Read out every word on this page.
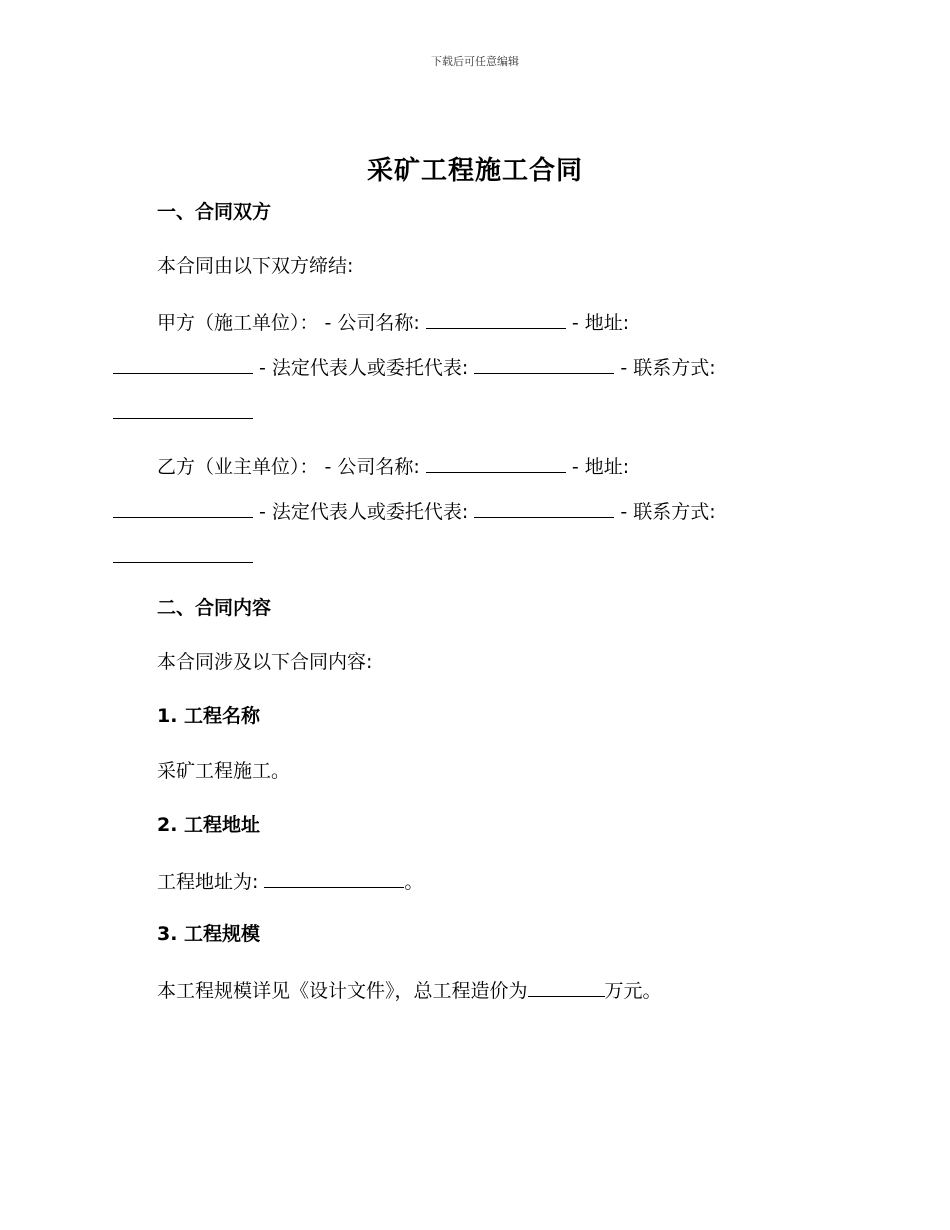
下载后可任意编辑
采矿工程施工合同
一、合同双方
本合同由以下双方缔结:
甲方（施工单位）： - 公司名称:	- 地址:
- 法定代表人或委托代表:	- 联系方式:
乙方（业主单位）： - 公司名称:	- 地址:
- 法定代表人或委托代表:	- 联系方式:
二、合同内容
本合同涉及以下合同内容:
1. 工程名称
采矿工程施工。
2. 工程地址
工程地址为:	。
3. 工程规模
本工程规模详见《设计文件》，总工程造价为	万元。
